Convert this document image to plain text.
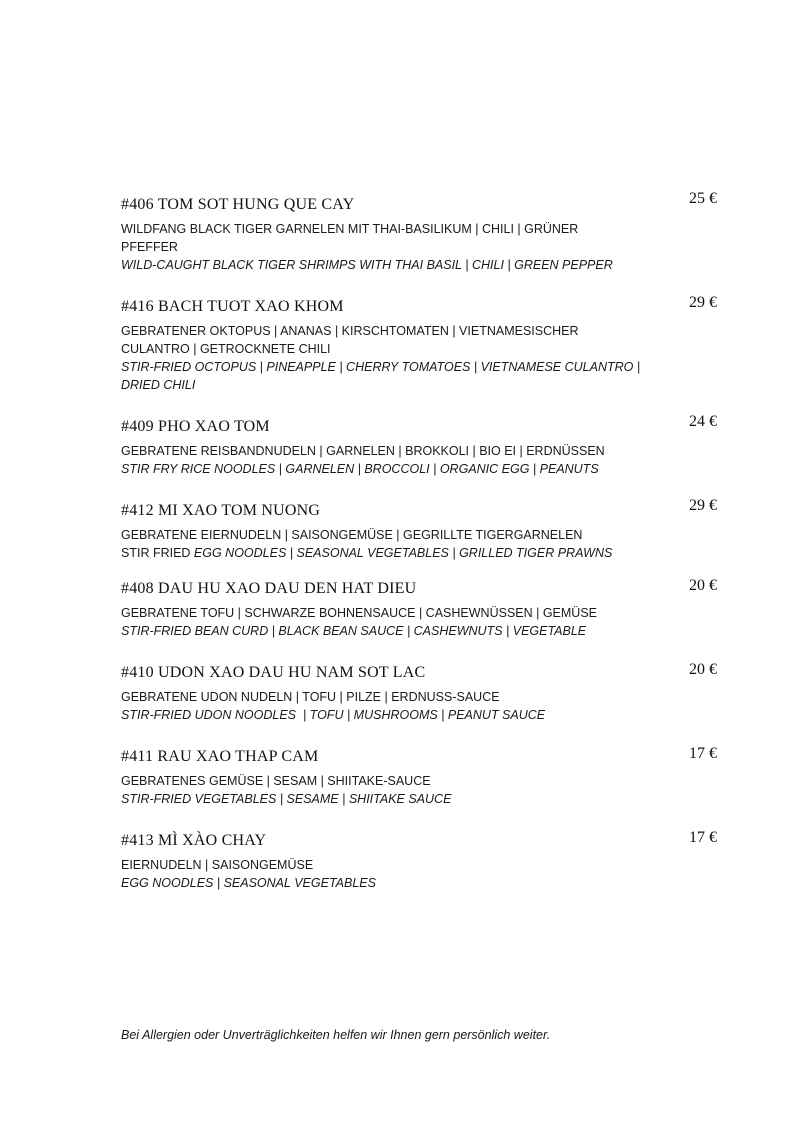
#406 TOM SOT HUNG QUE CAY	25 €
WILDFANG BLACK TIGER GARNELEN MIT THAI-BASILIKUM | CHILI | GRÜNER
PFEFFER
WILD-CAUGHT BLACK TIGER SHRIMPS WITH THAI BASIL | CHILI | GREEN PEPPER
#416 BACH TUOT XAO KHOM	29 €
GEBRATENER OKTOPUS | ANANAS | KIRSCHTOMATEN | VIETNAMESISCHER
CULANTRO | GETROCKNETE CHILI
STIR-FRIED OCTOPUS | PINEAPPLE | CHERRY TOMATOES | VIETNAMESE CULANTRO |
DRIED CHILI
#409 PHO XAO TOM	24 €
GEBRATENE REISBANDNUDELN | GARNELEN | BROKKOLI | BIO EI | ERDNÜSSEN
STIR FRY RICE NOODLES | GARNELEN | BROCCOLI | ORGANIC EGG | PEANUTS
#412 MI XAO TOM NUONG	29 €
GEBRATENE EIERNUDELN | SAISONGEMÜSE | GEGRILLTE TIGERGARNELEN
STIR FRIED EGG NOODLES | SEASONAL VEGETABLES | GRILLED TIGER PRAWNS
#408 DAU HU XAO DAU DEN HAT DIEU	20 €
GEBRATENE TOFU | SCHWARZE BOHNENSAUCE | CASHEWNÜSSEN | GEMÜSE
STIR-FRIED BEAN CURD | BLACK BEAN SAUCE | CASHEWNUTS | VEGETABLE
#410 UDON XAO DAU HU NAM SOT LAC	20 €
GEBRATENE UDON NUDELN | TOFU | PILZE | ERDNUSS-SAUCE
STIR-FRIED UDON NOODLES  | TOFU | MUSHROOMS | PEANUT SAUCE
#411 RAU XAO THAP CAM	17 €
GEBRATENES GEMÜSE | SESAM | SHIITAKE-SAUCE
STIR-FRIED VEGETABLES | SESAME | SHIITAKE SAUCE
#413 MÌ XÀO CHAY	17 €
EIERNUDELN | SAISONGEMÜSE
EGG NOODLES | SEASONAL VEGETABLES
Bei Allergien oder Unverträglichkeiten helfen wir Ihnen gern persönlich weiter.
